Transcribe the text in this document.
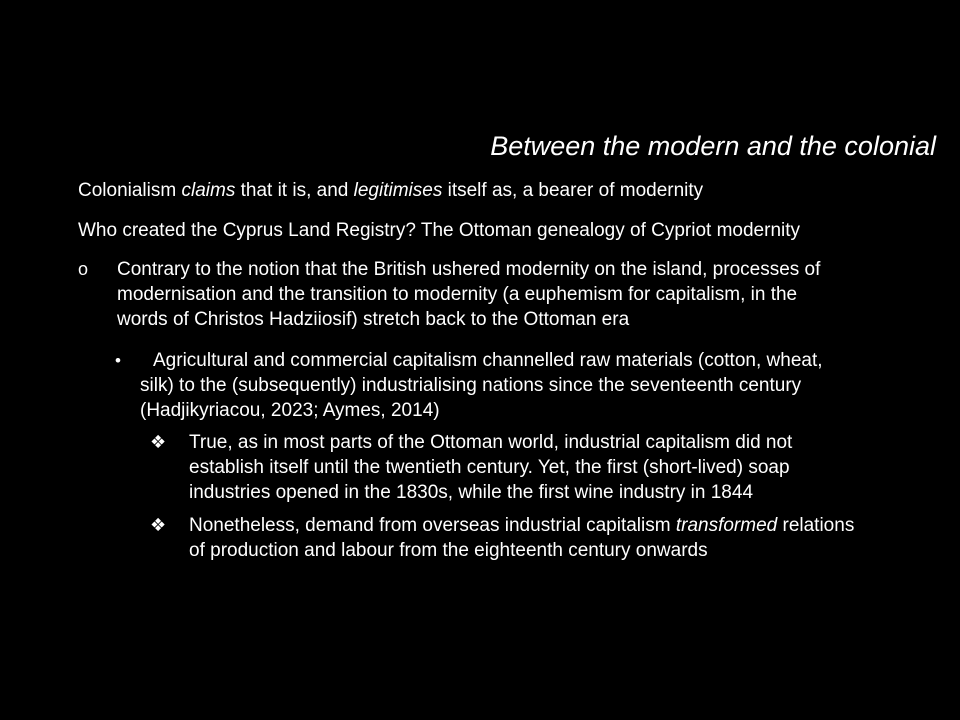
Between the modern and the colonial
Colonialism claims that it is, and legitimises itself as, a bearer of modernity
Who created the Cyprus Land Registry? The Ottoman genealogy of Cypriot modernity
o Contrary to the notion that the British ushered modernity on the island, processes of
modernisation and the transition to modernity (a euphemism for capitalism, in the
words of Christos Hadziiosif) stretch back to the Ottoman era
• Agricultural and commercial capitalism channelled raw materials (cotton, wheat,
silk) to the (subsequently) industrialising nations since the seventeenth century
(Hadjikyriacou, 2023; Aymes, 2014)
❖ True, as in most parts of the Ottoman world, industrial capitalism did not
establish itself until the twentieth century. Yet, the first (short-lived) soap
industries opened in the 1830s, while the first wine industry in 1844
❖ Nonetheless, demand from overseas industrial capitalism transformed relations
of production and labour from the eighteenth century onwards
